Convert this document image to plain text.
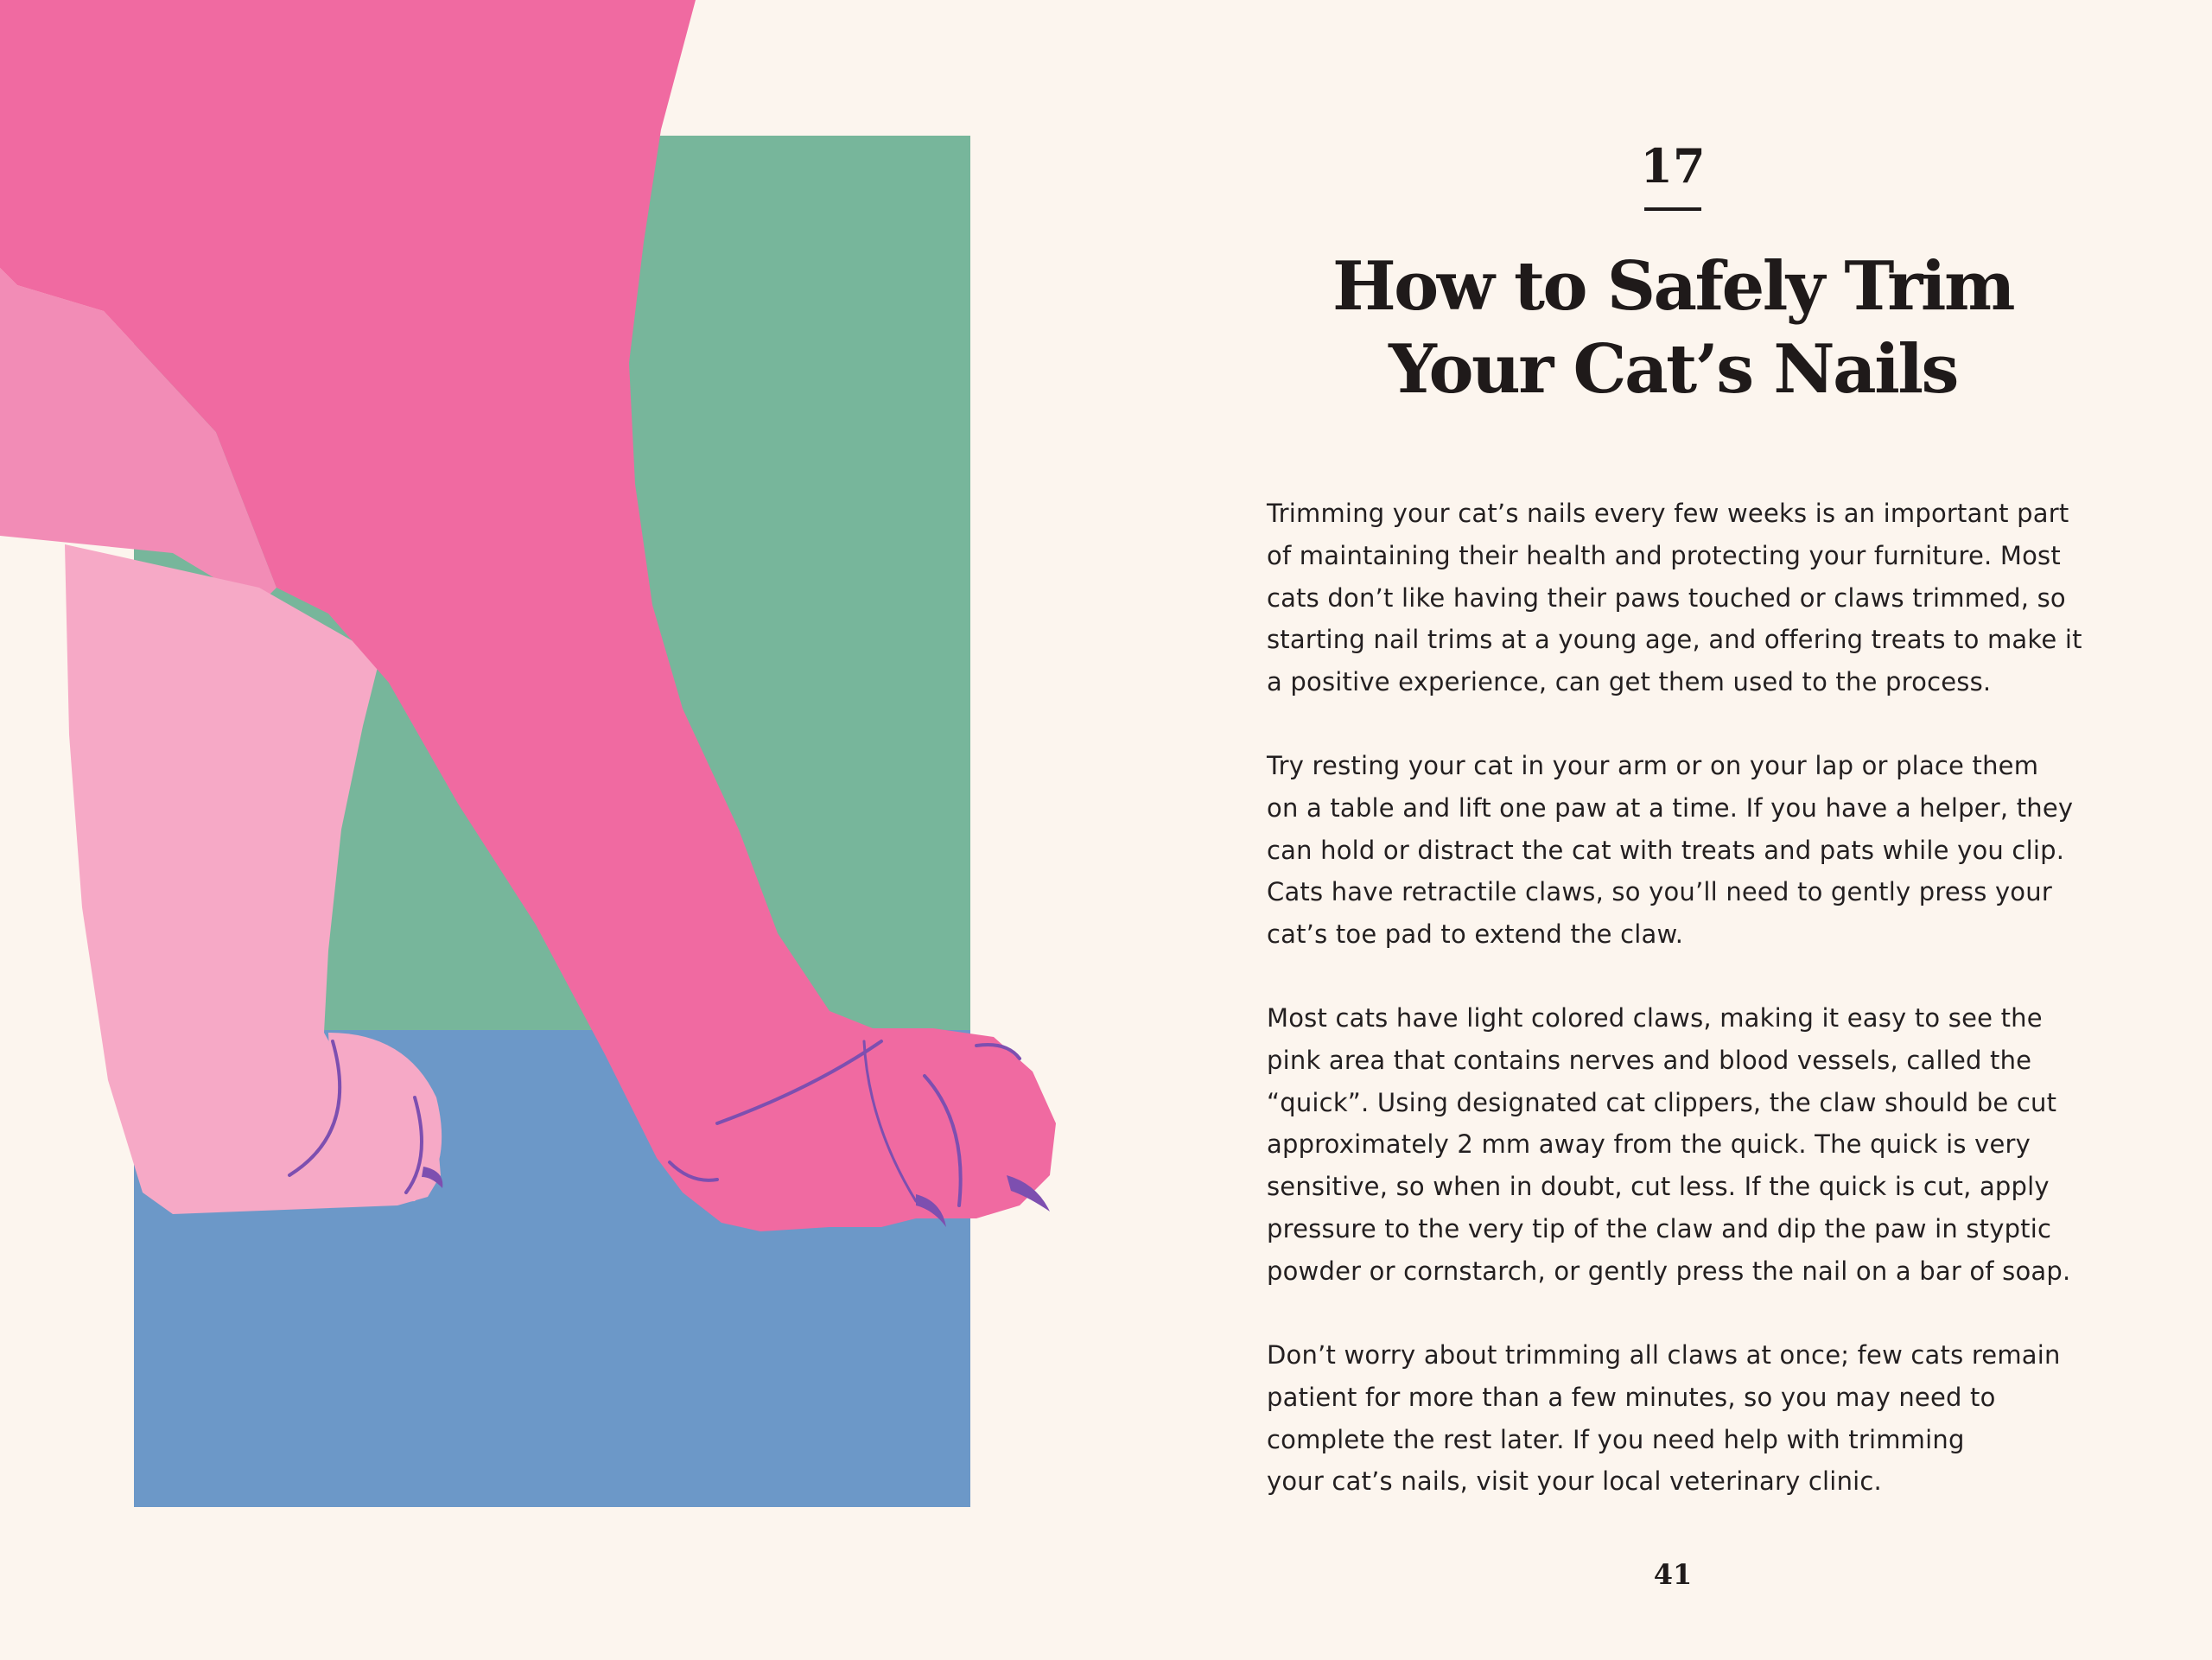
17
How to Safely Trim
Your Cat’s Nails

Trimming your cat’s nails every few weeks is an important part
of maintaining their health and protecting your furniture. Most
cats don’t like having their paws touched or claws trimmed, so
starting nail trims at a young age, and offering treats to make it
a positive experience, can get them used to the process.

Try resting your cat in your arm or on your lap or place them
on a table and lift one paw at a time. If you have a helper, they
can hold or distract the cat with treats and pats while you clip.
Cats have retractile claws, so you’ll need to gently press your
cat’s toe pad to extend the claw.

Most cats have light colored claws, making it easy to see the
pink area that contains nerves and blood vessels, called the
“quick”. Using designated cat clippers, the claw should be cut
approximately 2 mm away from the quick. The quick is very
sensitive, so when in doubt, cut less. If the quick is cut, apply
pressure to the very tip of the claw and dip the paw in styptic
powder or cornstarch, or gently press the nail on a bar of soap.

Don’t worry about trimming all claws at once; few cats remain
patient for more than a few minutes, so you may need to
complete the rest later. If you need help with trimming
your cat’s nails, visit your local veterinary clinic.

41
